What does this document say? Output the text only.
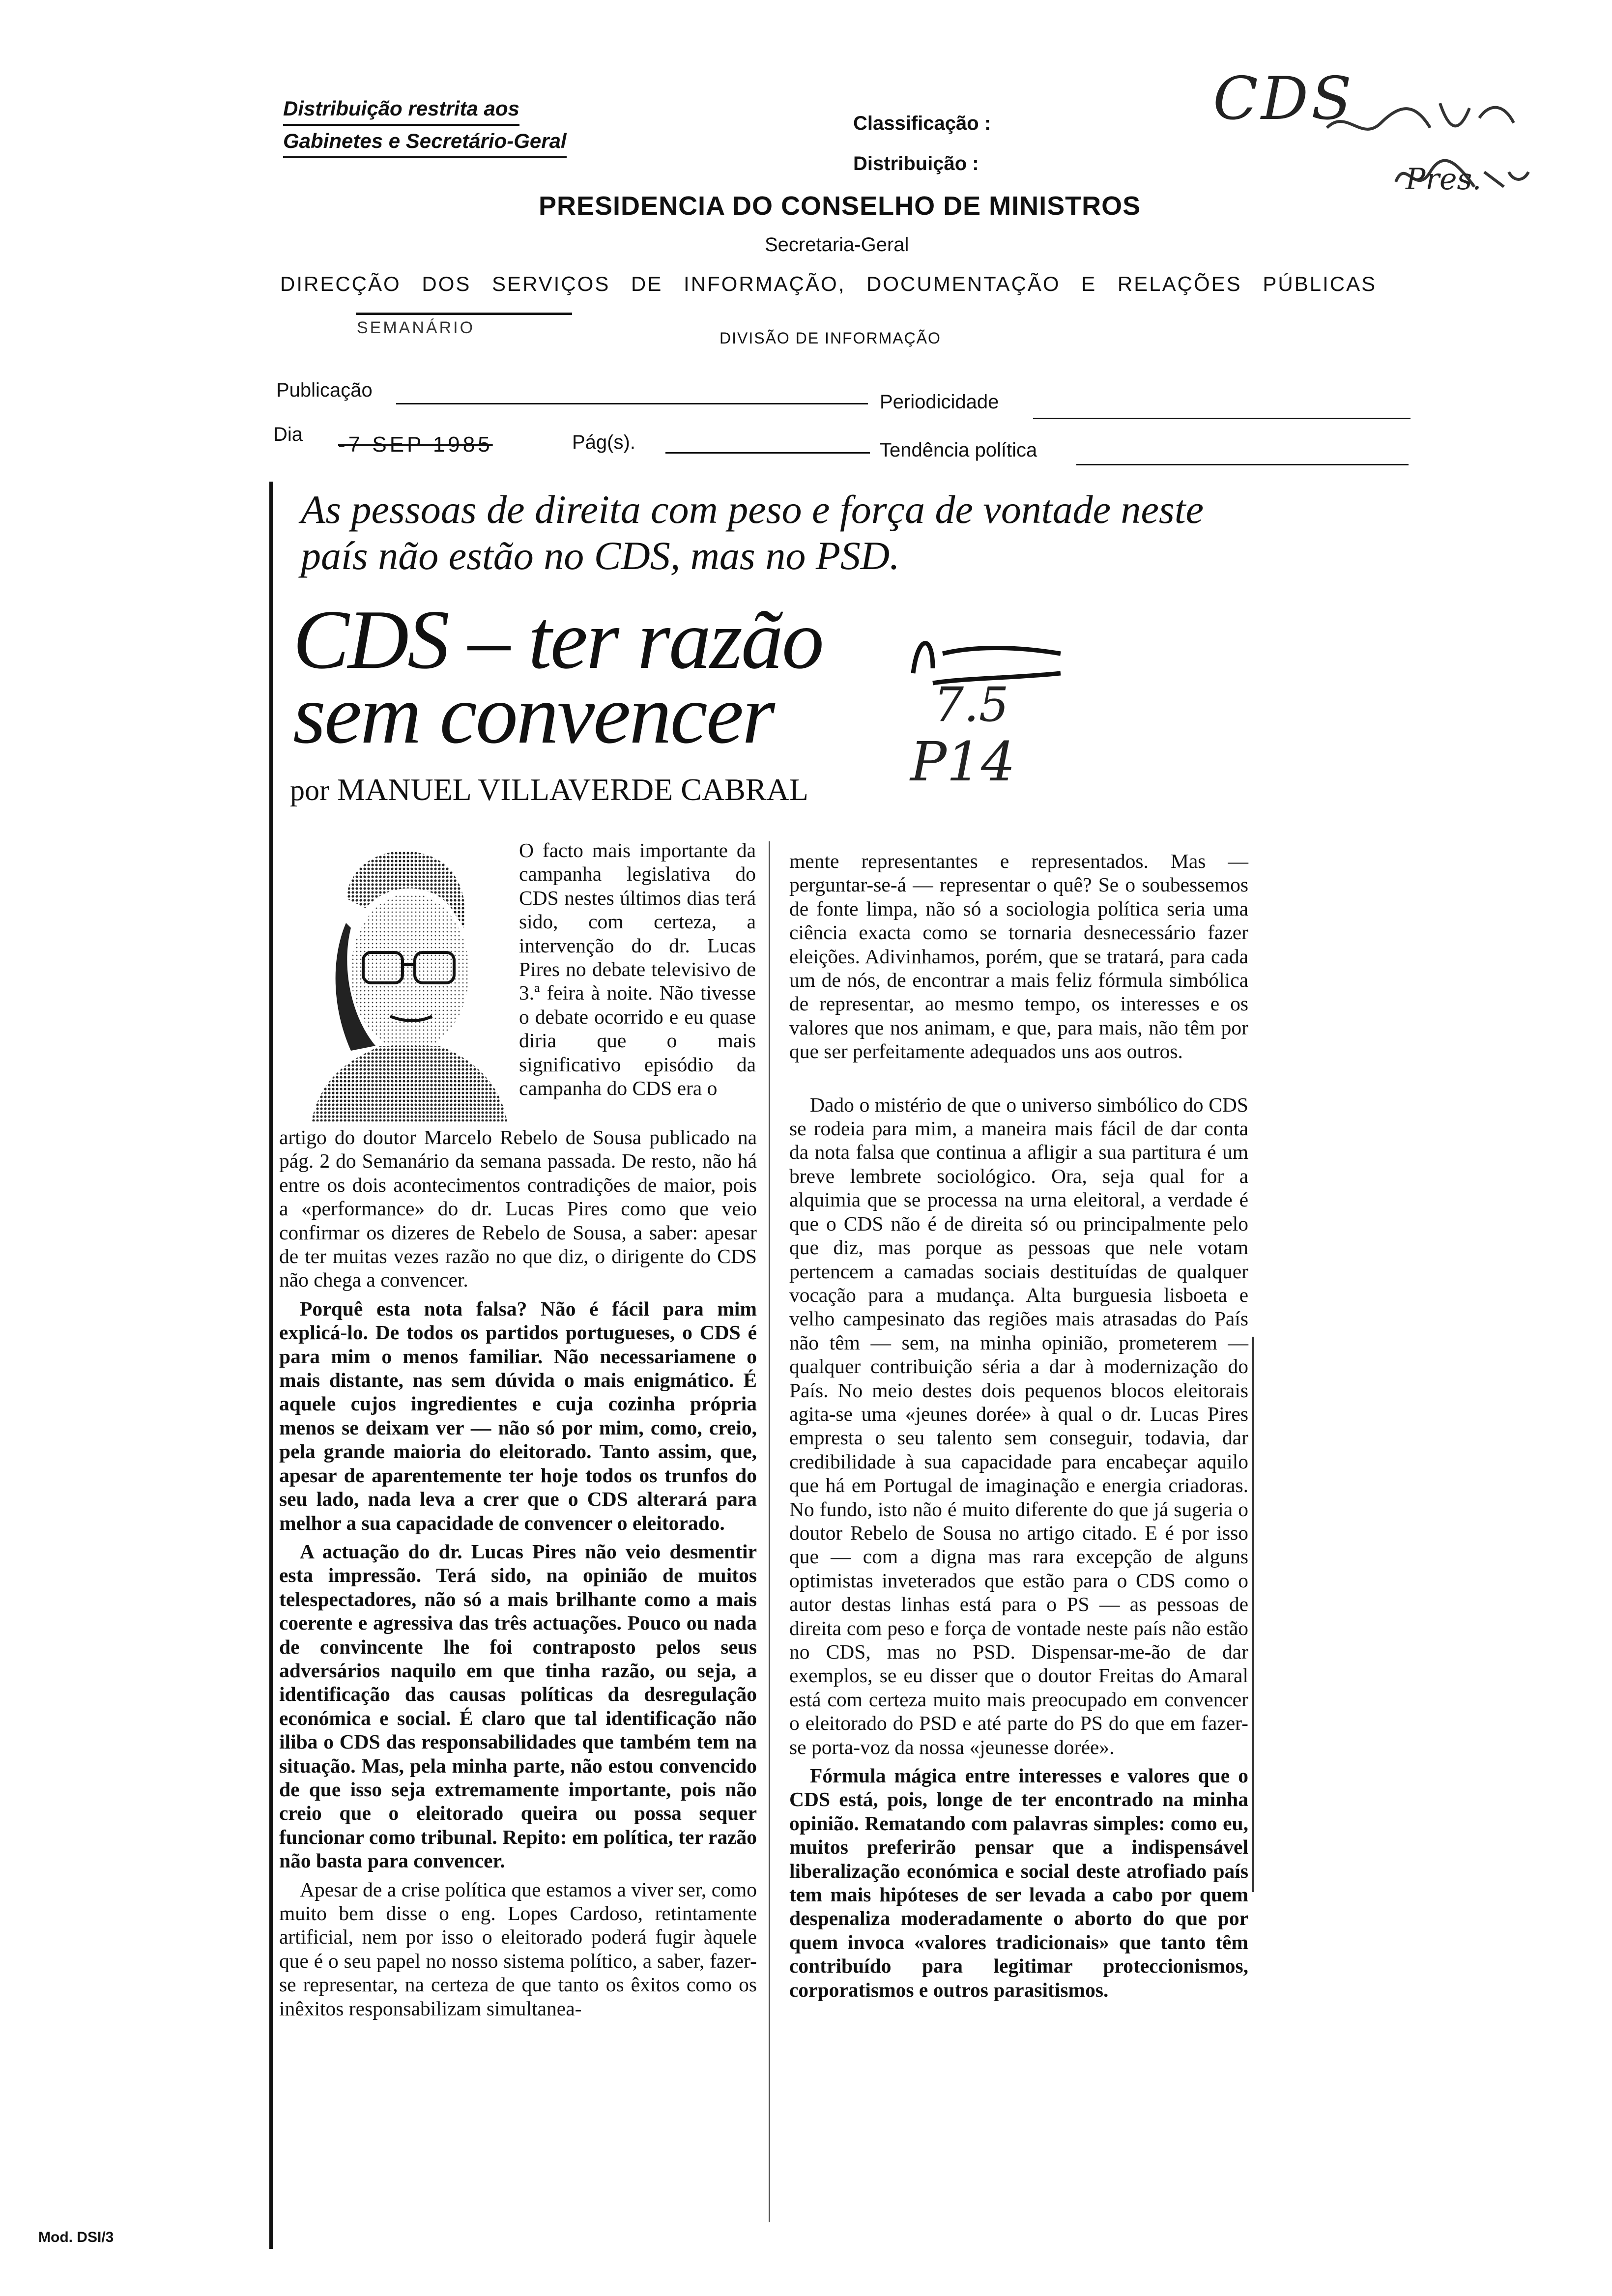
Distribuição restrita aos
Gabinetes e Secretário-Geral
Classificação :
Distribuição :
PRESIDENCIA DO CONSELHO DE MINISTROS
Secretaria-Geral
DIRECÇÃO DOS SERVIÇOS DE INFORMAÇÃO, DOCUMENTAÇÃO E RELAÇÕES PÚBLICAS
SEMANÁRIO
DIVISÃO DE INFORMAÇÃO
Publicação
Periodicidade
Dia -7 SEP 1985	Pág(s).	Tendência política
CDS
Pres.
7.5
P14
As pessoas de direita com peso e força de vontade neste país não estão no CDS, mas no PSD.
CDS – ter razão
sem convencer
por MANUEL VILLAVERDE CABRAL

O facto mais importante da campanha legislativa do CDS nestes últimos dias terá sido, com certeza, a intervenção do dr. Lucas Pires no debate televisivo de 3.ª feira à noite. Não tivesse o debate ocorrido e eu quase diria que o mais significativo episódio da campanha do CDS era o

artigo do doutor Marcelo Rebelo de Sousa publicado na pág. 2 do Semanário da semana passada. De resto, não há entre os dois acontecimentos contradições de maior, pois a «performance» do dr. Lucas Pires como que veio confirmar os dizeres de Rebelo de Sousa, a saber: apesar de ter muitas vezes razão no que diz, o dirigente do CDS não chega a convencer.

Porquê esta nota falsa? Não é fácil para mim explicá-lo. De todos os partidos portugueses, o CDS é para mim o menos familiar. Não necessariamene o mais distante, nas sem dúvida o mais enigmático. É aquele cujos ingredientes e cuja cozinha própria menos se deixam ver — não só por mim, como, creio, pela grande maioria do eleitorado. Tanto assim, que, apesar de aparentemente ter hoje todos os trunfos do seu lado, nada leva a crer que o CDS alterará para melhor a sua capacidade de convencer o eleitorado.

A actuação do dr. Lucas Pires não veio desmentir esta impressão. Terá sido, na opinião de muitos telespectadores, não só a mais brilhante como a mais coerente e agressiva das três actuações. Pouco ou nada de convincente lhe foi contraposto pelos seus adversários naquilo em que tinha razão, ou seja, a identificação das causas políticas da desregulação económica e social. É claro que tal identificação não iliba o CDS das responsabilidades que também tem na situação. Mas, pela minha parte, não estou convencido de que isso seja extremamente importante, pois não creio que o eleitorado queira ou possa sequer funcionar como tribunal. Repito: em política, ter razão não basta para convencer.

Apesar de a crise política que estamos a viver ser, como muito bem disse o eng. Lopes Cardoso, retintamente artificial, nem por isso o eleitorado poderá fugir àquele que é o seu papel no nosso sistema político, a saber, fazer-se representar, na certeza de que tanto os êxitos como os inêxitos responsabilizam simultanea-

mente representantes e representados. Mas — perguntar-se-á — representar o quê? Se o soubessemos de fonte limpa, não só a sociologia política seria uma ciência exacta como se tornaria desnecessário fazer eleições. Adivinhamos, porém, que se tratará, para cada um de nós, de encontrar a mais feliz fórmula simbólica de representar, ao mesmo tempo, os interesses e os valores que nos animam, e que, para mais, não têm por que ser perfeitamente adequados uns aos outros.

Dado o mistério de que o universo simbólico do CDS se rodeia para mim, a maneira mais fácil de dar conta da nota falsa que continua a afligir a sua partitura é um breve lembrete sociológico. Ora, seja qual for a alquimia que se processa na urna eleitoral, a verdade é que o CDS não é de direita só ou principalmente pelo que diz, mas porque as pessoas que nele votam pertencem a camadas sociais destituídas de qualquer vocação para a mudança. Alta burguesia lisboeta e velho campesinato das regiões mais atrasadas do País não têm — sem, na minha opinião, prometerem — qualquer contribuição séria a dar à modernização do País. No meio destes dois pequenos blocos eleitorais agita-se uma «jeunes dorée» à qual o dr. Lucas Pires empresta o seu talento sem conseguir, todavia, dar credibilidade à sua capacidade para encabeçar aquilo que há em Portugal de imaginação e energia criadoras. No fundo, isto não é muito diferente do que já sugeria o doutor Rebelo de Sousa no artigo citado. E é por isso que — com a digna mas rara excepção de alguns optimistas inveterados que estão para o CDS como o autor destas linhas está para o PS — as pessoas de direita com peso e força de vontade neste país não estão no CDS, mas no PSD. Dispensar-me-ão de dar exemplos, se eu disser que o doutor Freitas do Amaral está com certeza muito mais preocupado em convencer o eleitorado do PSD e até parte do PS do que em fazer-se porta-voz da nossa «jeunesse dorée».

Fórmula mágica entre interesses e valores que o CDS está, pois, longe de ter encontrado na minha opinião. Rematando com palavras simples: como eu, muitos preferirão pensar que a indispensável liberalização económica e social deste atrofiado país tem mais hipóteses de ser levada a cabo por quem despenaliza moderadamente o aborto do que por quem invoca «valores tradicionais» que tanto têm contribuído para legitimar proteccionismos, corporatismos e outros parasitismos.

Mod. DSI/3
